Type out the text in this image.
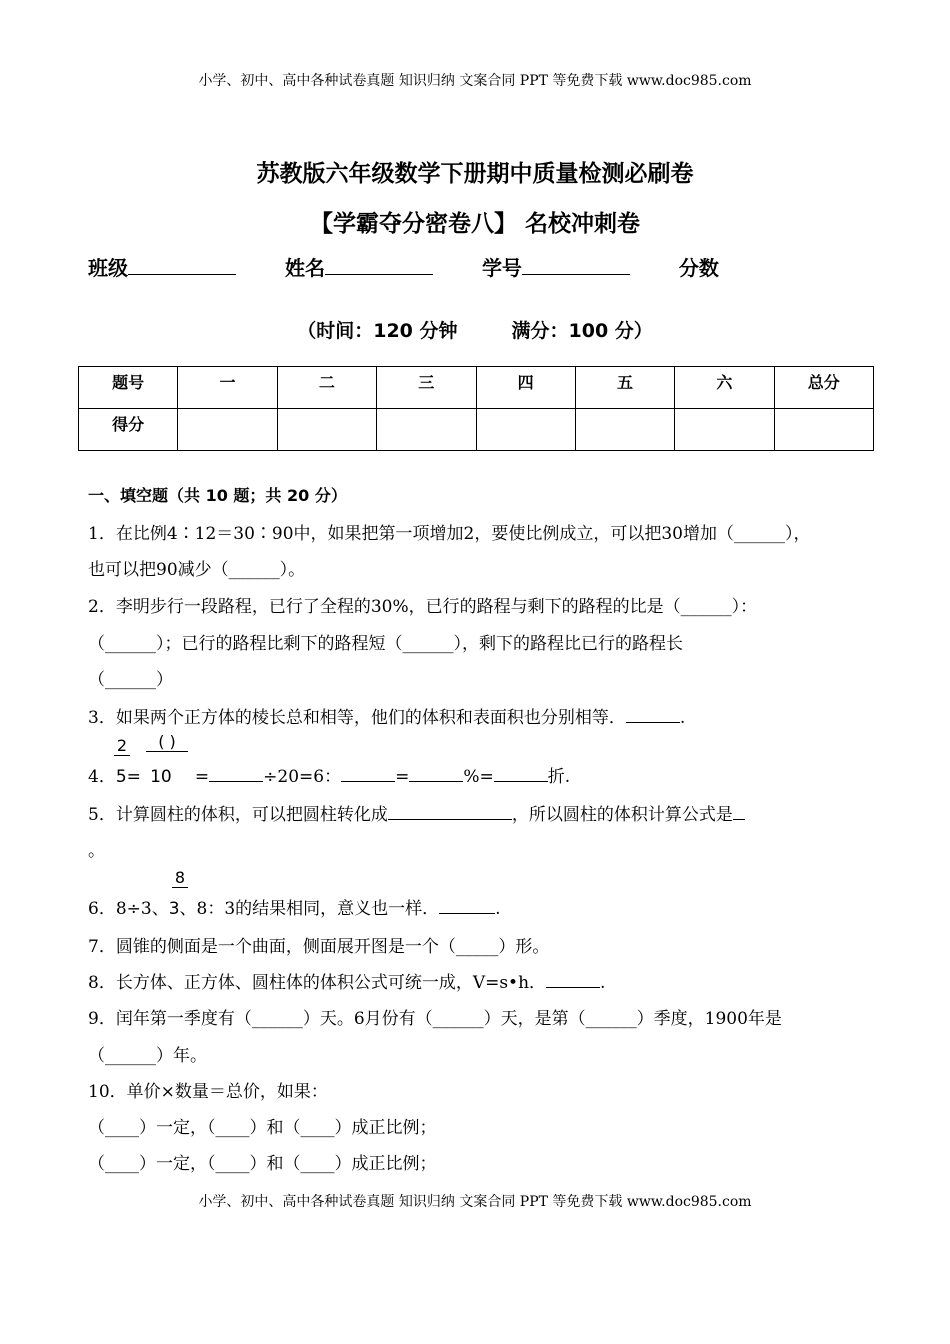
小学、初中、高中各种试卷真题 知识归纳 文案合同 PPT 等免费下载 www.doc985.com
苏教版六年级数学下册期中质量检测必刷卷
【学霸夺分密卷八】 名校冲刺卷
班级	姓名	学号	分数
（时间：120 分钟	满分：100 分）
题号	一	二	三	四	五	六	总分
得分							
一、填空题（共 10 题；共 20 分）
1．在比例4∶12＝30∶90中，如果把第一项增加2，要使比例成立，可以把30增加（______），
也可以把90减少（______）。
2．李明步行一段路程，已行了全程的30%，已行的路程与剩下的路程的比是（______）：
（______）；已行的路程比剩下的路程短（______），剩下的路程比已行的路程长
（______）
3．如果两个正方体的棱长总和相等，他们的体积和表面积也分别相等．	.
2	( )
4．5= 10 =	÷20=6：	=	%=	折.
5．计算圆柱的体积，可以把圆柱转化成	，所以圆柱的体积计算公式是
。
8
6．8÷3、3、8：3的结果相同，意义也一样．	.
7．圆锥的侧面是一个曲面，侧面展开图是一个（_____）形。
8．长方体、正方体、圆柱体的体积公式可统一成，V=s•h．	.
9．闰年第一季度有（______）天。6月份有（______）天，是第（______）季度，1900年是
（______）年。
10．单价×数量＝总价，如果：
（____）一定，（____）和（____）成正比例；
（____）一定，（____）和（____）成正比例；
小学、初中、高中各种试卷真题 知识归纳 文案合同 PPT 等免费下载 www.doc985.com
